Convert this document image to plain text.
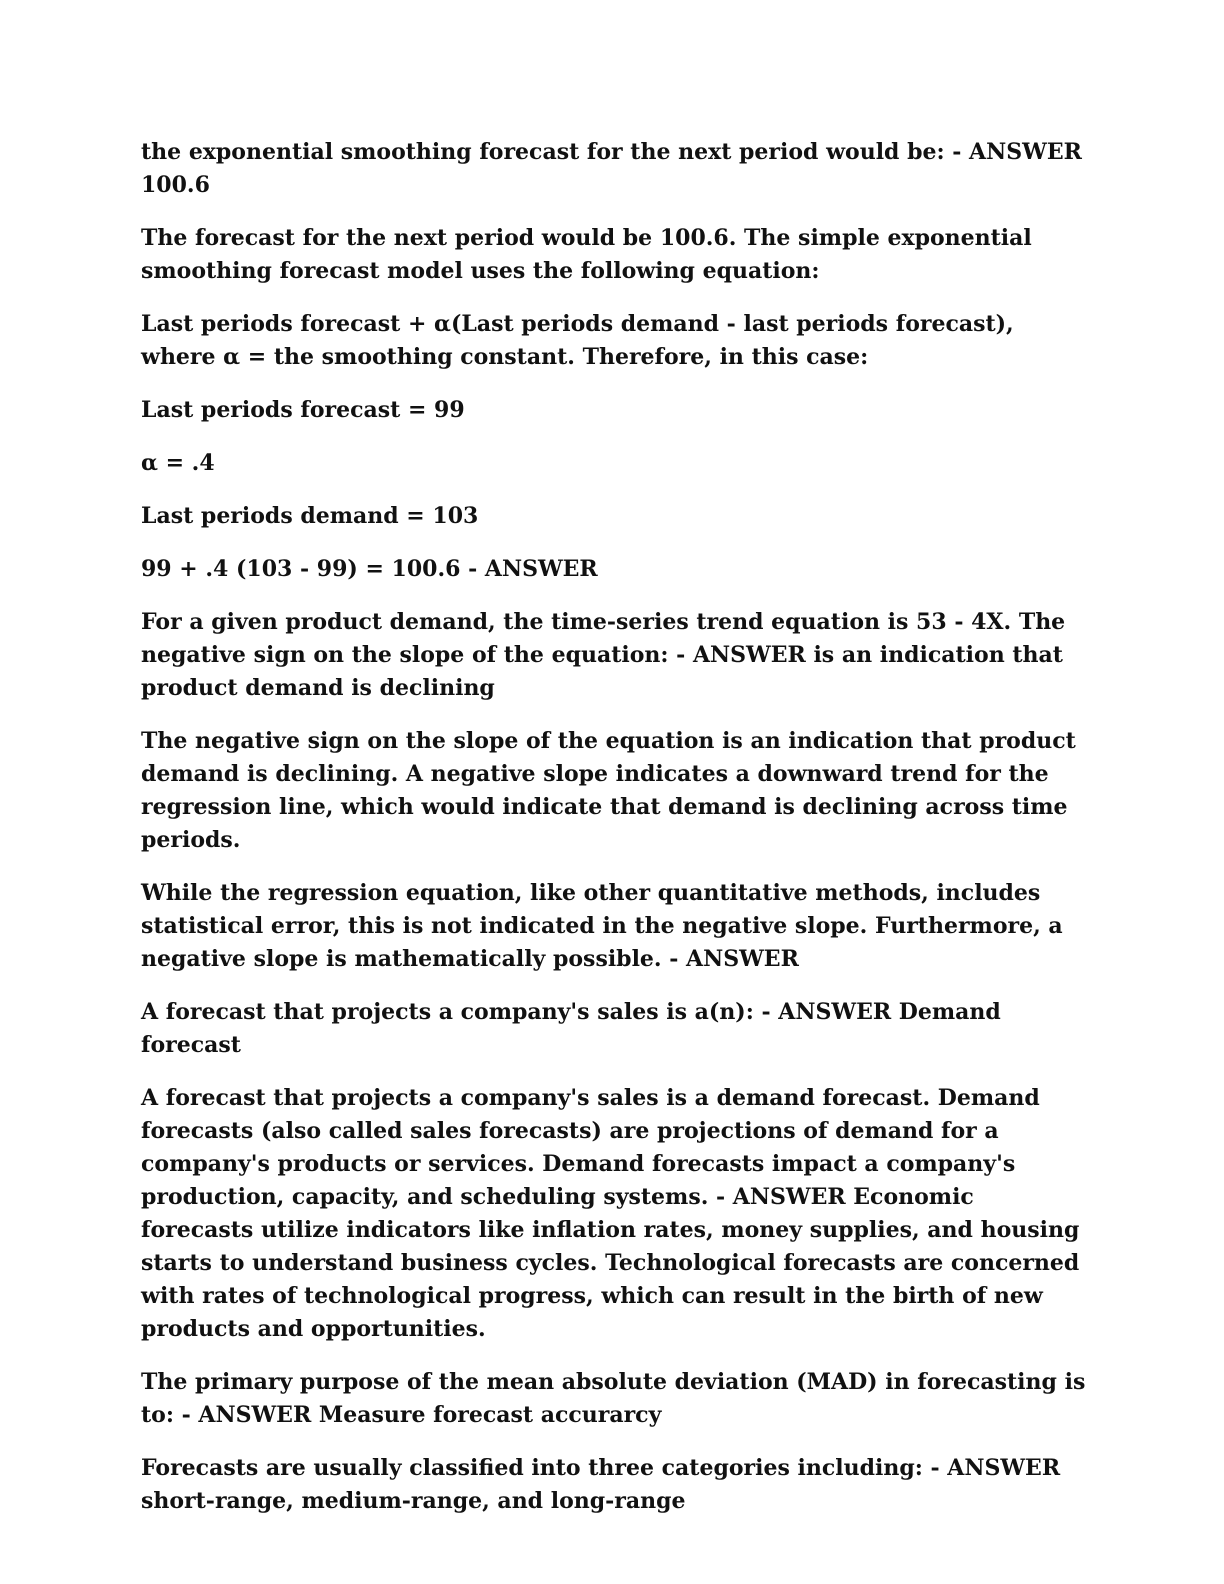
the exponential smoothing forecast for the next period would be: - ANSWER 100.6

The forecast for the next period would be 100.6. The simple exponential smoothing forecast model uses the following equation:

Last periods forecast + α(Last periods demand - last periods forecast), where α = the smoothing constant. Therefore, in this case:

Last periods forecast = 99

α = .4

Last periods demand = 103

99 + .4 (103 - 99) = 100.6 - ANSWER

For a given product demand, the time-series trend equation is 53 - 4X. The negative sign on the slope of the equation: - ANSWER is an indication that product demand is declining

The negative sign on the slope of the equation is an indication that product demand is declining. A negative slope indicates a downward trend for the regression line, which would indicate that demand is declining across time periods.

While the regression equation, like other quantitative methods, includes statistical error, this is not indicated in the negative slope. Furthermore, a negative slope is mathematically possible. - ANSWER

A forecast that projects a company's sales is a(n): - ANSWER Demand forecast

A forecast that projects a company's sales is a demand forecast. Demand forecasts (also called sales forecasts) are projections of demand for a company's products or services. Demand forecasts impact a company's production, capacity, and scheduling systems. - ANSWER Economic forecasts utilize indicators like inflation rates, money supplies, and housing starts to understand business cycles. Technological forecasts are concerned with rates of technological progress, which can result in the birth of new products and opportunities.

The primary purpose of the mean absolute deviation (MAD) in forecasting is to: - ANSWER Measure forecast accurarcy

Forecasts are usually classified into three categories including: - ANSWER short-range, medium-range, and long-range
